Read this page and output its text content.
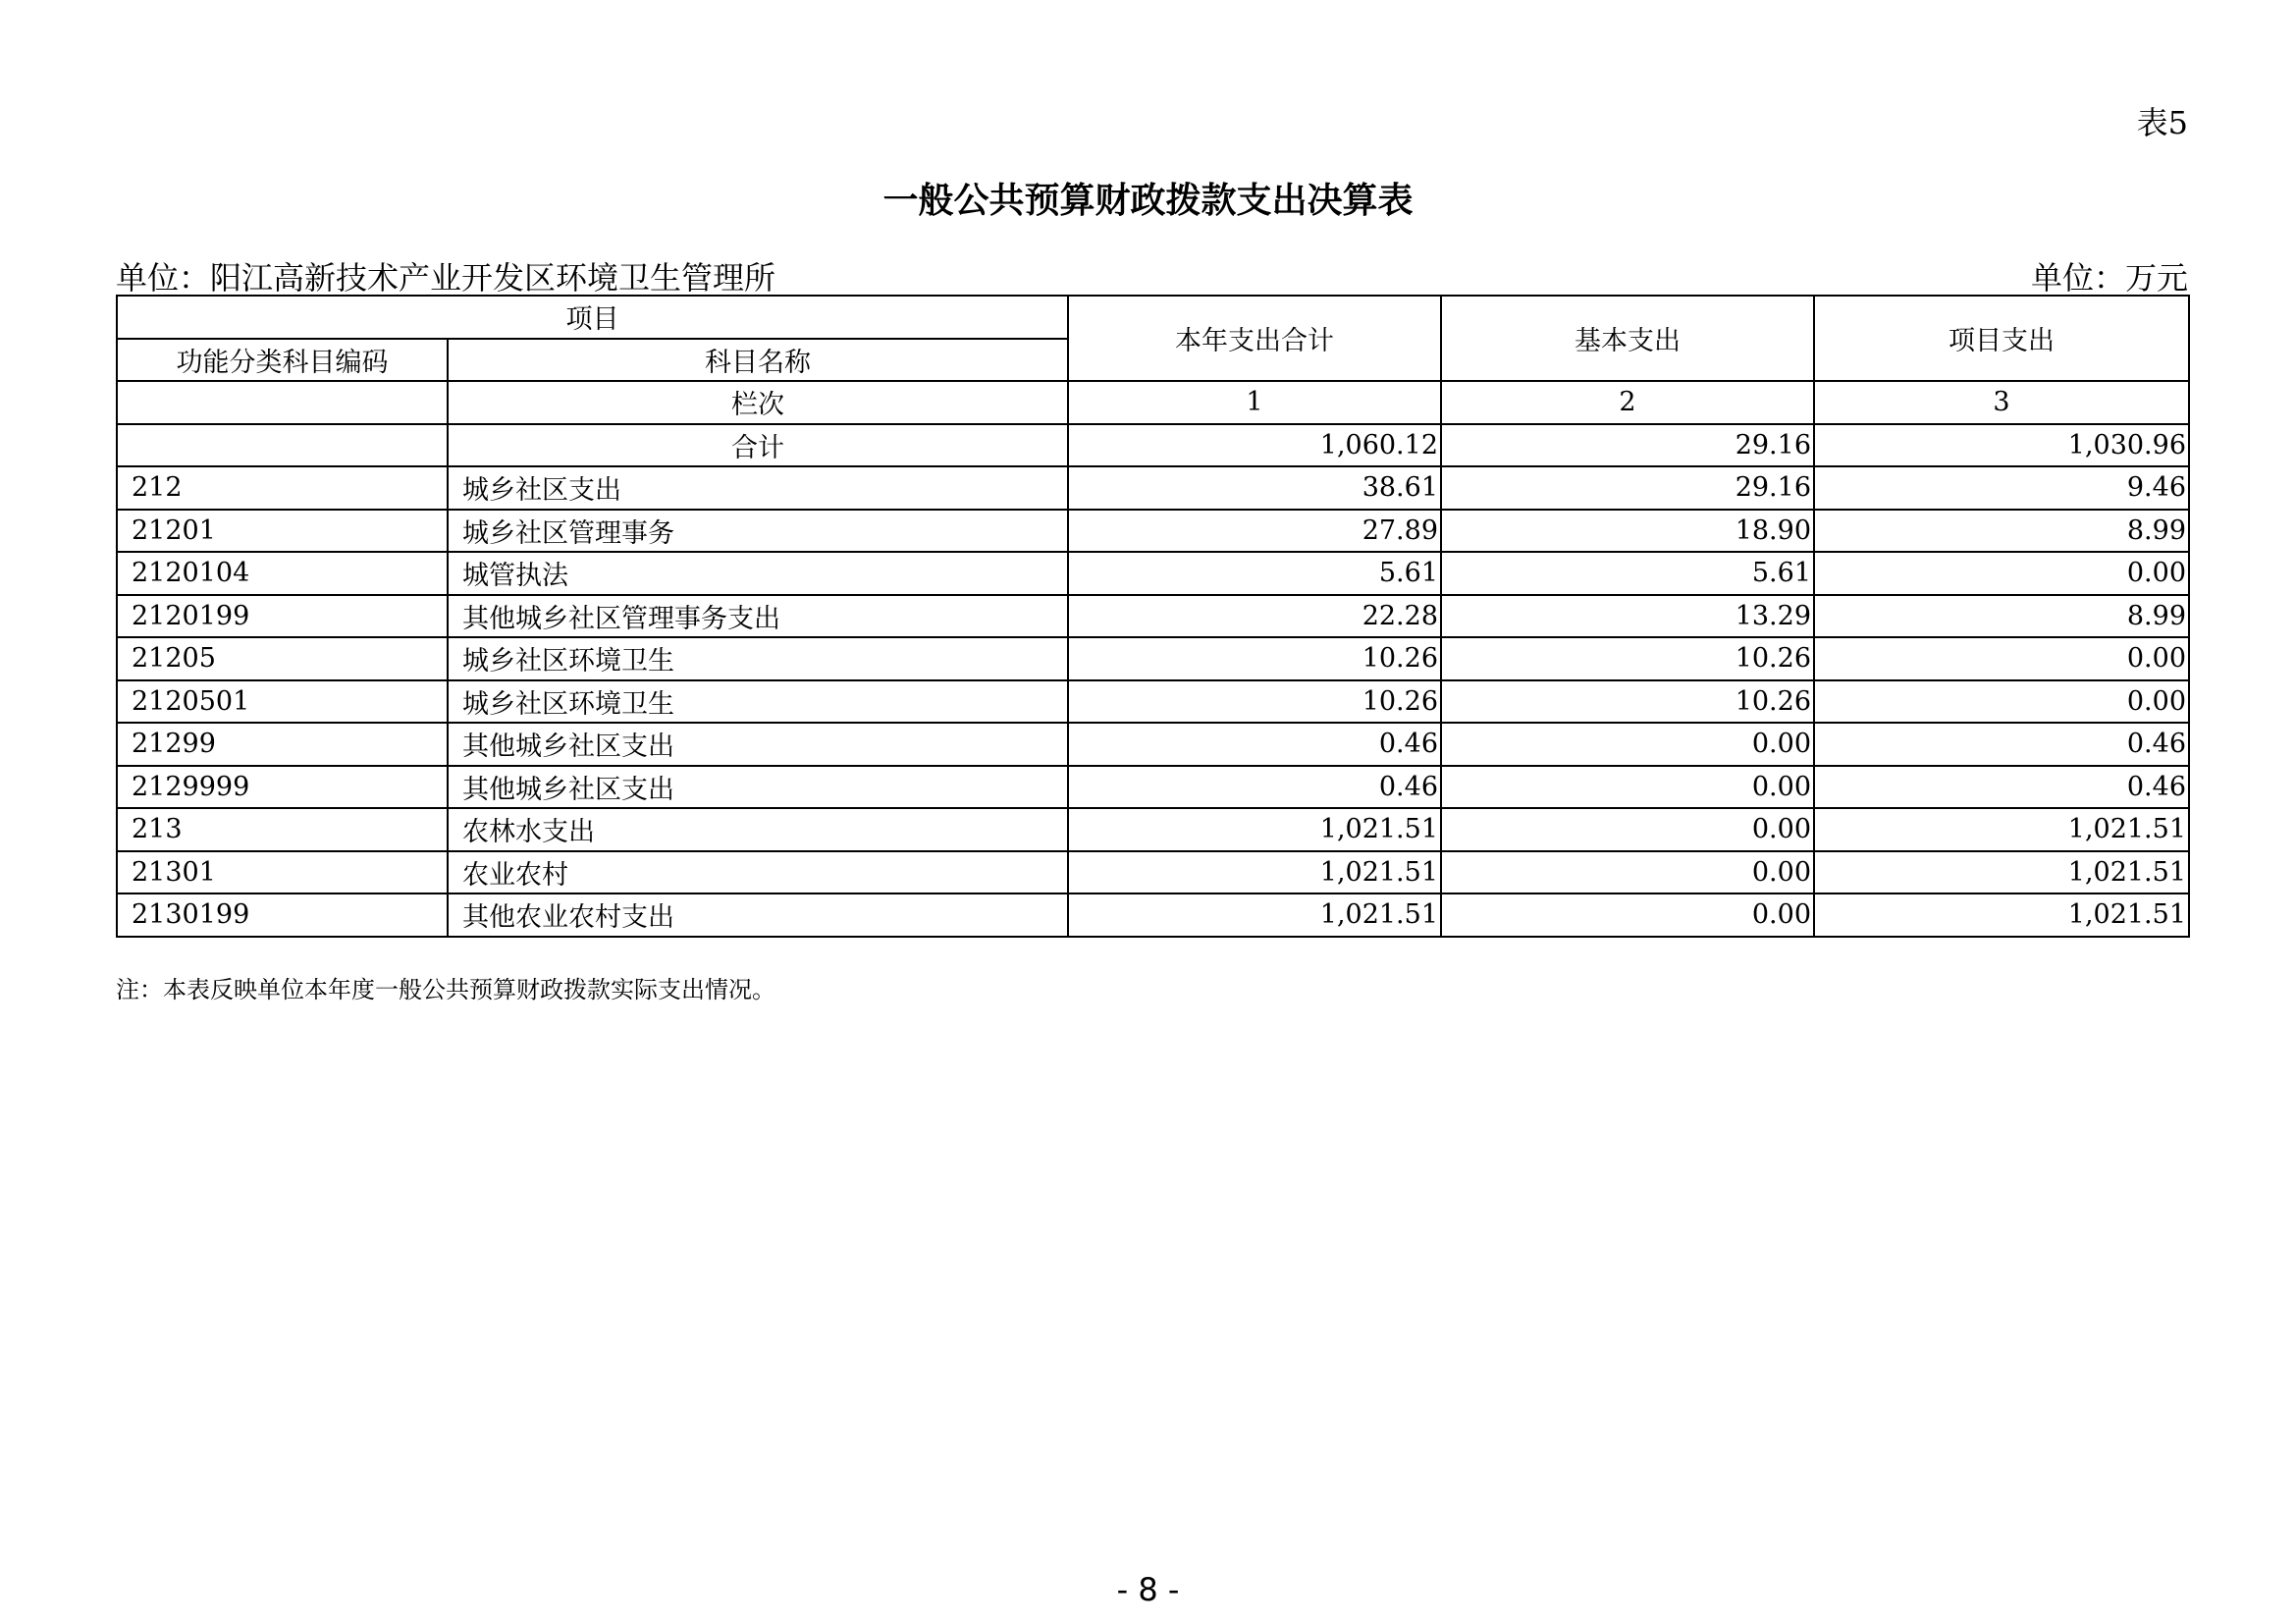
表5
一般公共预算财政拨款支出决算表
单位：阳江高新技术产业开发区环境卫生管理所	单位：万元
项目		本年支出合计	基本支出	项目支出
功能分类科目编码	科目名称			
	栏次	1	2	3
	合计	1,060.12	29.16	1,030.96
212	城乡社区支出	38.61	29.16	9.46
21201	城乡社区管理事务	27.89	18.90	8.99
2120104	城管执法	5.61	5.61	0.00
2120199	其他城乡社区管理事务支出	22.28	13.29	8.99
21205	城乡社区环境卫生	10.26	10.26	0.00
2120501	城乡社区环境卫生	10.26	10.26	0.00
21299	其他城乡社区支出	0.46	0.00	0.46
2129999	其他城乡社区支出	0.46	0.00	0.46
213	农林水支出	1,021.51	0.00	1,021.51
21301	农业农村	1,021.51	0.00	1,021.51
2130199	其他农业农村支出	1,021.51	0.00	1,021.51
注：本表反映单位本年度一般公共预算财政拨款实际支出情况。
- 8 -
